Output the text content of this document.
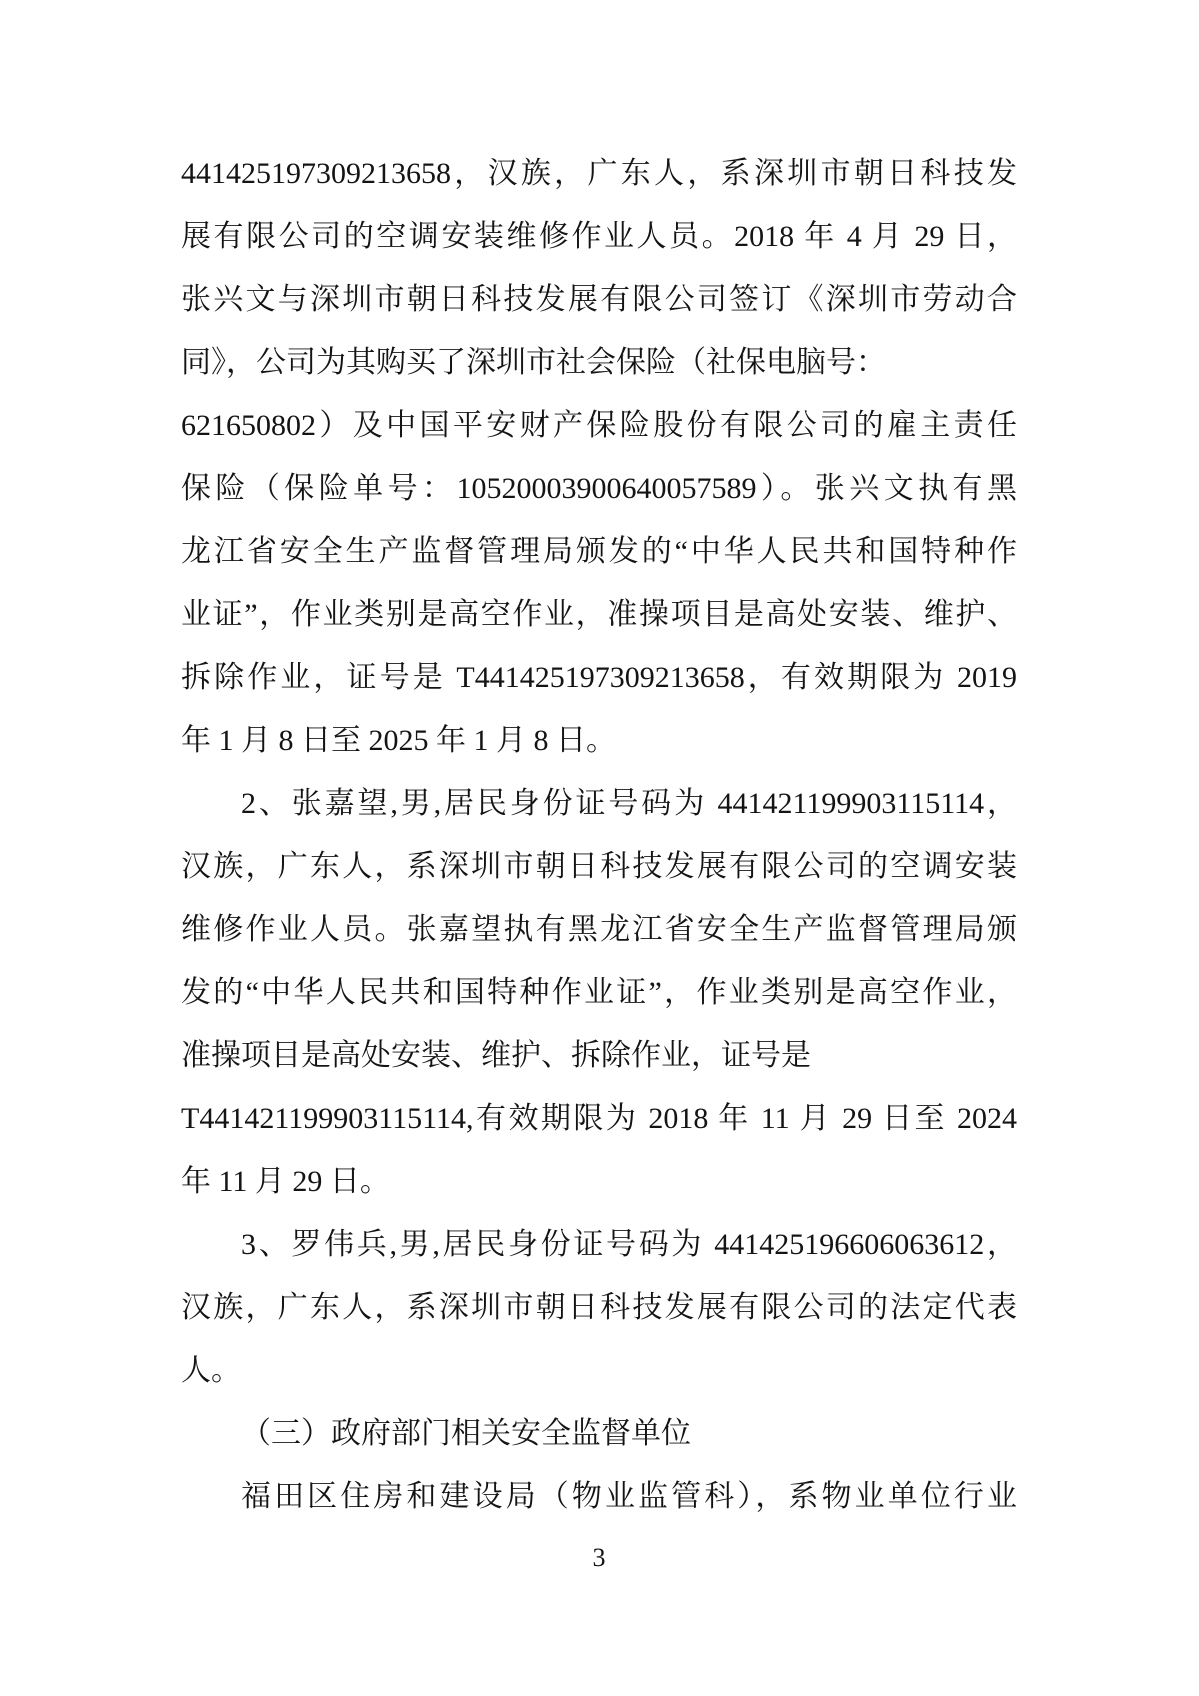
441425197309213658，汉族，广东人，系深圳市朝日科技发
展有限公司的空调安装维修作业人员。2018 年 4 月 29 日，
张兴文与深圳市朝日科技发展有限公司签订《深圳市劳动合
同》，公司为其购买了深圳市社会保险（社保电脑号：
621650802）及中国平安财产保险股份有限公司的雇主责任
保险（保险单号：10520003900640057589）。张兴文执有黑
龙江省安全生产监督管理局颁发的“中华人民共和国特种作
业证”，作业类别是高空作业，准操项目是高处安装、维护、
拆除作业，证号是 T441425197309213658，有效期限为 2019
年 1 月 8 日至 2025 年 1 月 8 日。
2、张嘉望,男,居民身份证号码为 441421199903115114，
汉族，广东人，系深圳市朝日科技发展有限公司的空调安装
维修作业人员。张嘉望执有黑龙江省安全生产监督管理局颁
发的“中华人民共和国特种作业证”，作业类别是高空作业，
准操项目是高处安装、维护、拆除作业，证号是
T441421199903115114,有效期限为 2018 年 11 月 29 日至 2024
年 11 月 29 日。
3、罗伟兵,男,居民身份证号码为 441425196606063612，
汉族，广东人，系深圳市朝日科技发展有限公司的法定代表
人。
（三）政府部门相关安全监督单位
福田区住房和建设局（物业监管科），系物业单位行业
3
